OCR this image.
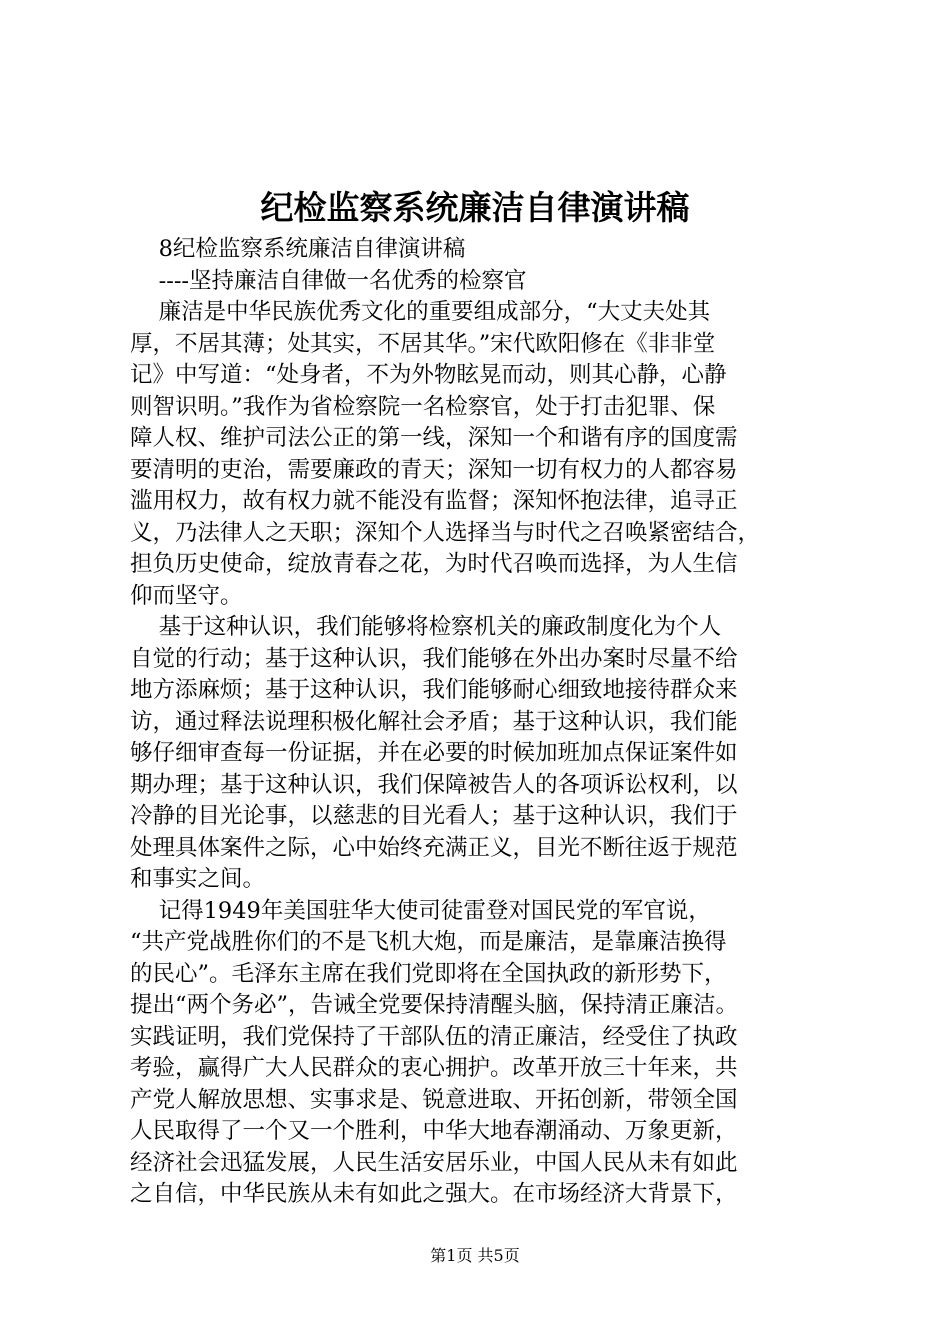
纪检监察系统廉洁自律演讲稿
8纪检监察系统廉洁自律演讲稿
----坚持廉洁自律做一名优秀的检察官
廉洁是中华民族优秀文化的重要组成部分，“大丈夫处其
厚，不居其薄；处其实，不居其华。”宋代欧阳修在《非非堂
记》中写道：“处身者，不为外物眩晃而动，则其心静，心静
则智识明。”我作为省检察院一名检察官，处于打击犯罪、保
障人权、维护司法公正的第一线，深知一个和谐有序的国度需
要清明的吏治，需要廉政的青天；深知一切有权力的人都容易
滥用权力，故有权力就不能没有监督；深知怀抱法律，追寻正
义，乃法律人之天职；深知个人选择当与时代之召唤紧密结合，
担负历史使命，绽放青春之花，为时代召唤而选择，为人生信
仰而坚守。
基于这种认识，我们能够将检察机关的廉政制度化为个人
自觉的行动；基于这种认识，我们能够在外出办案时尽量不给
地方添麻烦；基于这种认识，我们能够耐心细致地接待群众来
访，通过释法说理积极化解社会矛盾；基于这种认识，我们能
够仔细审查每一份证据，并在必要的时候加班加点保证案件如
期办理；基于这种认识，我们保障被告人的各项诉讼权利，以
冷静的目光论事，以慈悲的目光看人；基于这种认识，我们于
处理具体案件之际，心中始终充满正义，目光不断往返于规范
和事实之间。
记得1949年美国驻华大使司徒雷登对国民党的军官说，
“共产党战胜你们的不是飞机大炮，而是廉洁，是靠廉洁换得
的民心”。毛泽东主席在我们党即将在全国执政的新形势下，
提出“两个务必”，告诫全党要保持清醒头脑，保持清正廉洁。
实践证明，我们党保持了干部队伍的清正廉洁，经受住了执政
考验，赢得广大人民群众的衷心拥护。改革开放三十年来，共
产党人解放思想、实事求是、锐意进取、开拓创新，带领全国
人民取得了一个又一个胜利，中华大地春潮涌动、万象更新，
经济社会迅猛发展，人民生活安居乐业，中国人民从未有如此
之自信，中华民族从未有如此之强大。在市场经济大背景下，
第1页 共5页
